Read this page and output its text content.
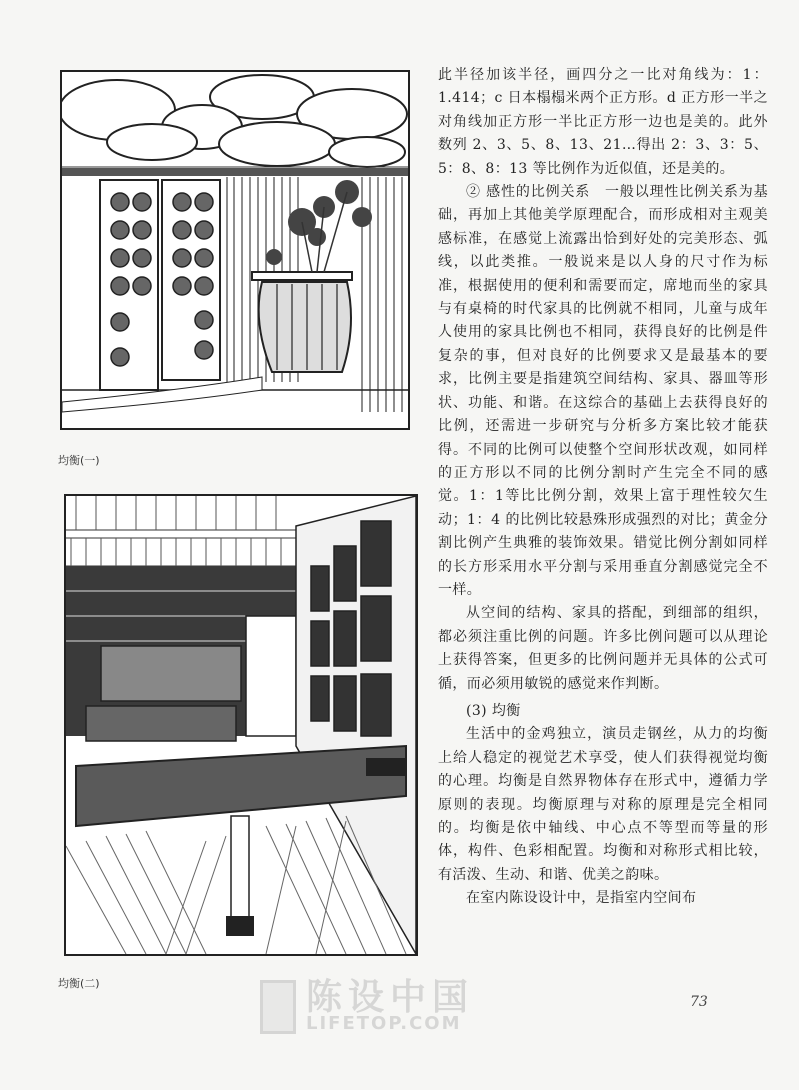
均衡(一)
均衡(二)

此半径加该半径，画四分之一比对角线为：1：1.414；c 日本榻榻米两个正方形。d 正方形一半之对角线加正方形一半比正方形一边也是美的。此外数列 2、3、5、8、13、21…得出 2：3、3：5、5：8、8：13 等比例作为近似值，还是美的。

② 感性的比例关系　一般以理性比例关系为基础，再加上其他美学原理配合，而形成相对主观美感标准，在感觉上流露出恰到好处的完美形态、弧线，以此类推。一般说来是以人身的尺寸作为标准，根据使用的便利和需要而定，席地而坐的家具与有桌椅的时代家具的比例就不相同，儿童与成年人使用的家具比例也不相同，获得良好的比例是件复杂的事，但对良好的比例要求又是最基本的要求，比例主要是指建筑空间结构、家具、器皿等形状、功能、和谐。在这综合的基础上去获得良好的比例，还需进一步研究与分析多方案比较才能获得。不同的比例可以使整个空间形状改观，如同样的正方形以不同的比例分割时产生完全不同的感觉。1：1等比比例分割，效果上富于理性较欠生动；1：4 的比例比较悬殊形成强烈的对比；黄金分割比例产生典雅的装饰效果。错觉比例分割如同样的长方形采用水平分割与采用垂直分割感觉完全不一样。

从空间的结构、家具的搭配，到细部的组织，都必须注重比例的问题。许多比例问题可以从理论上获得答案，但更多的比例问题并无具体的公式可循，而必须用敏锐的感觉来作判断。

(3) 均衡

生活中的金鸡独立，演员走钢丝，从力的均衡上给人稳定的视觉艺术享受，使人们获得视觉均衡的心理。均衡是自然界物体存在形式中，遵循力学原则的表现。均衡原理与对称的原理是完全相同的。均衡是依中轴线、中心点不等型而等量的形体，构件、色彩相配置。均衡和对称形式相比较，有活泼、生动、和谐、优美之韵味。

在室内陈设设计中，是指室内空间布

73
陈设中国
LIFETOP.COM
